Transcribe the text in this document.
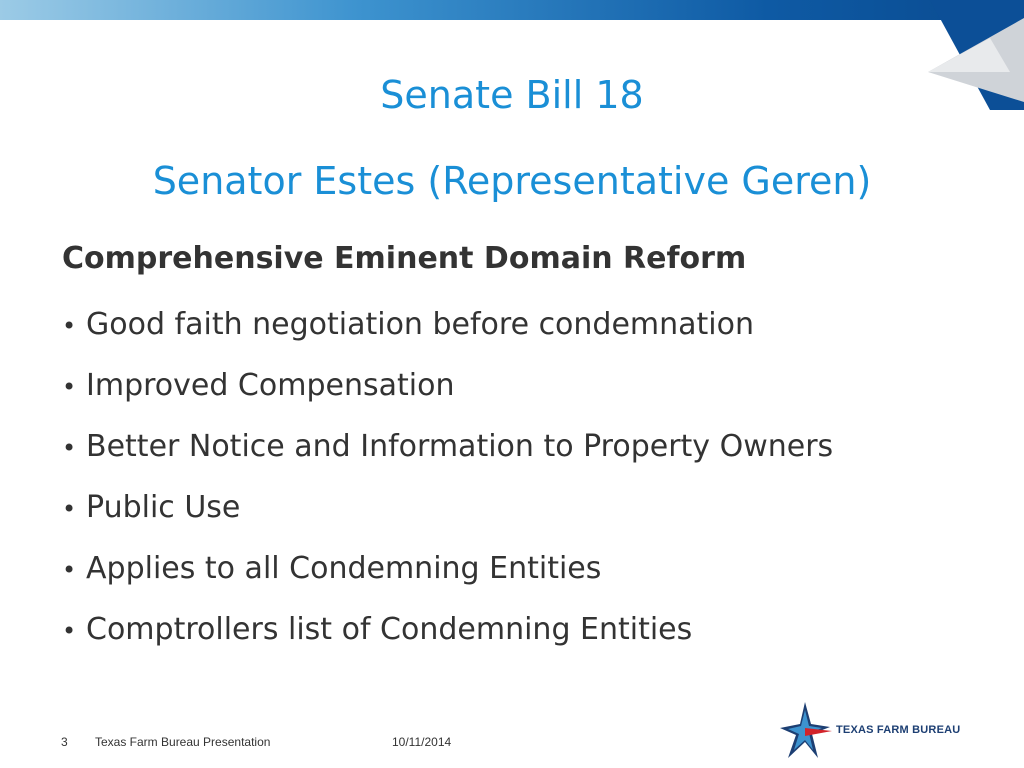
Senate Bill 18
Senator Estes (Representative Geren)
Comprehensive Eminent Domain Reform
• Good faith negotiation before condemnation
• Improved Compensation
• Better Notice and Information to Property Owners
• Public Use
• Applies to all Condemning Entities
• Comptrollers list of Condemning Entities
3 Texas Farm Bureau Presentation	10/11/2014
TEXAS FARM BUREAU
